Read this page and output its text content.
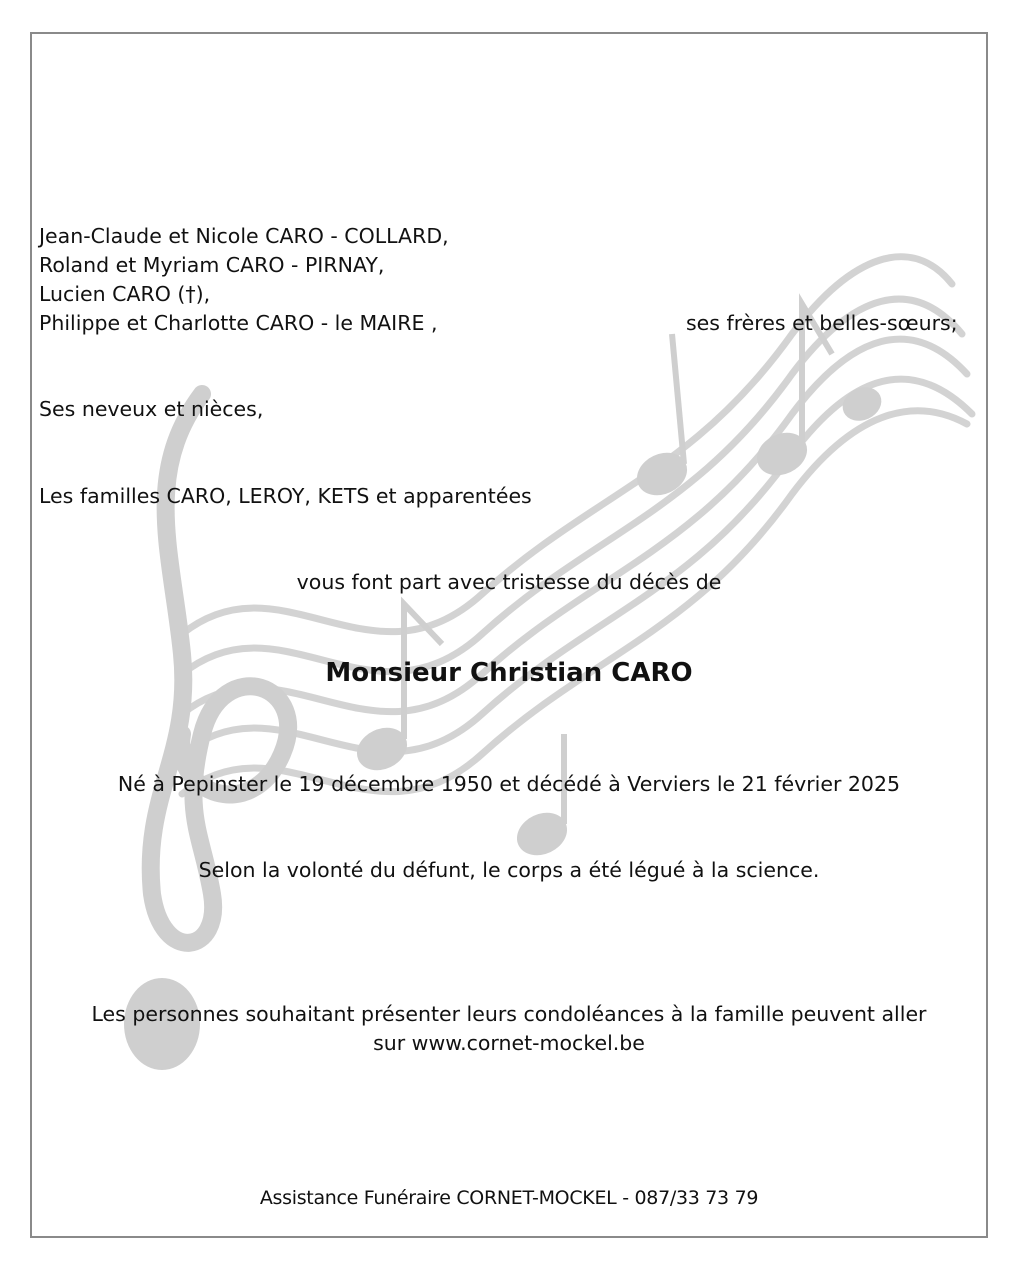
Jean-Claude et Nicole CARO - COLLARD,
Roland et Myriam CARO - PIRNAY,
Lucien CARO (†),
Philippe et Charlotte CARO - le MAIRE ,	ses frères et belles-sœurs;
Ses neveux et nièces,
Les familles CARO, LEROY, KETS et apparentées
vous font part avec tristesse du décès de
Monsieur Christian CARO
Né à Pepinster le 19 décembre 1950 et décédé à Verviers le 21 février 2025
Selon la volonté du défunt, le corps a été légué à la science.
Les personnes souhaitant présenter leurs condoléances à la famille peuvent aller
sur www.cornet-mockel.be
Assistance Funéraire CORNET-MOCKEL - 087/33 73 79
